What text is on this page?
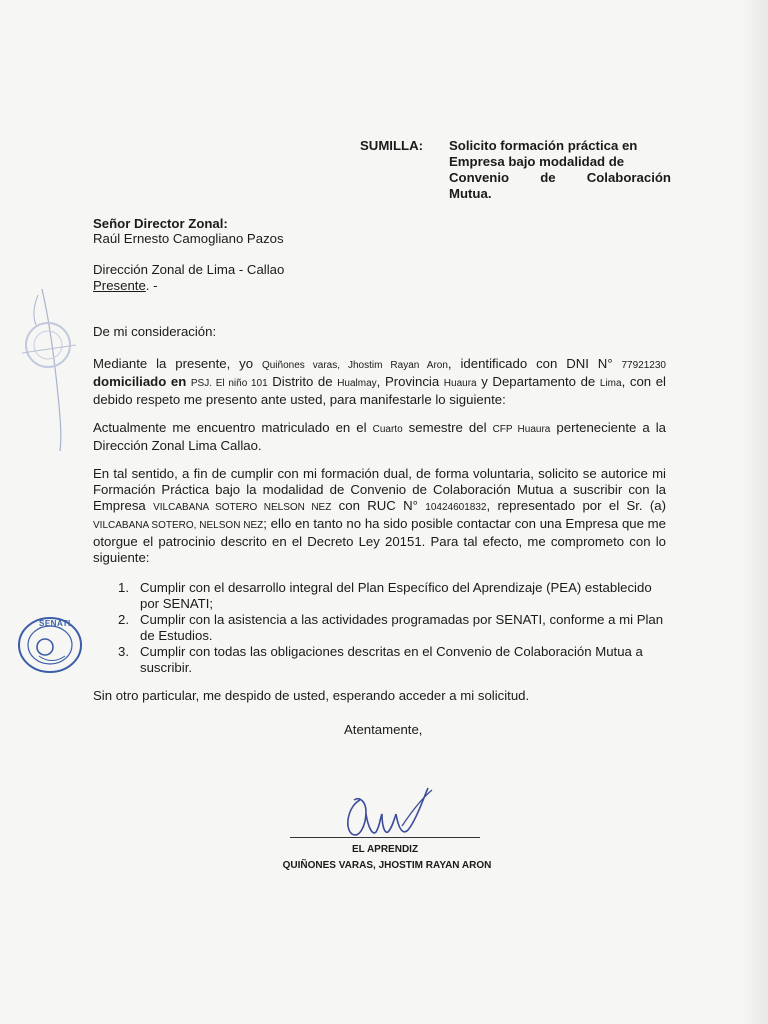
SUMILLA: Solicito formación práctica en
Empresa bajo modalidad de
Convenio de Colaboración
Mutua.
Señor Director Zonal:
Raúl Ernesto Camogliano Pazos
Dirección Zonal de Lima - Callao
Presente. -
De mi consideración:
Mediante la presente, yo Quiñones varas, Jhostim Rayan Aron, identificado con DNI N° 77921230 domiciliado en PSJ. El niño 101 Distrito de Hualmay, Provincia Huaura y Departamento de Lima, con el debido respeto me presento ante usted, para manifestarle lo siguiente:
Actualmente me encuentro matriculado en el Cuarto semestre del CFP Huaura perteneciente a la Dirección Zonal Lima Callao.
En tal sentido, a fin de cumplir con mi formación dual, de forma voluntaria, solicito se autorice mi Formación Práctica bajo la modalidad de Convenio de Colaboración Mutua a suscribir con la Empresa VILCABANA SOTERO NELSON NEZ con RUC N° 10424601832, representado por el Sr. (a) VILCABANA SOTERO, NELSON NEZ; ello en tanto no ha sido posible contactar con una Empresa que me otorgue el patrocinio descrito en el Decreto Ley 20151. Para tal efecto, me comprometo con lo siguiente:
1. Cumplir con el desarrollo integral del Plan Específico del Aprendizaje (PEA) establecido por SENATI;
2. Cumplir con la asistencia a las actividades programadas por SENATI, conforme a mi Plan de Estudios.
3. Cumplir con todas las obligaciones descritas en el Convenio de Colaboración Mutua a suscribir.
Sin otro particular, me despido de usted, esperando acceder a mi solicitud.
Atentamente,
EL APRENDIZ
QUIÑONES VARAS, JHOSTIM RAYAN ARON
SENATI
